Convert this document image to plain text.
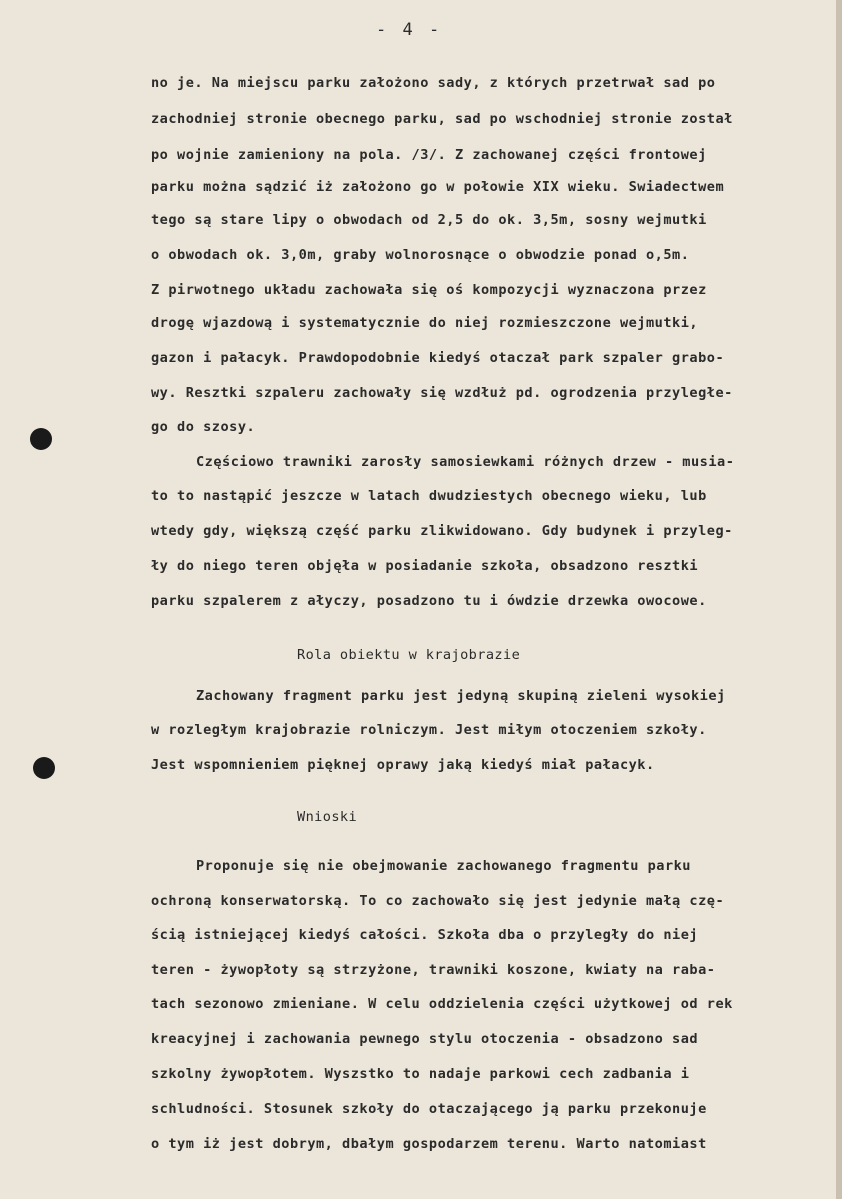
- 4 -
no je. Na miejscu parku założono sady, z których przetrwał sad po
zachodniej stronie obecnego parku, sad po wschodniej stronie został
po wojnie zamieniony na pola. /3/. Z zachowanej części frontowej
parku można sądzić iż założono go w połowie XIX wieku. Swiadectwem
tego są stare lipy o obwodach od 2,5 do ok. 3,5m, sosny wejmutki
o obwodach ok. 3,0m, graby wolnorosnące o obwodzie ponad o,5m.
Z pirwotnego układu zachowała się oś kompozycji wyznaczona przez
drogę wjazdową i systematycznie do niej rozmieszczone wejmutki,
gazon i pałacyk. Prawdopodobnie kiedyś otaczał park szpaler grabo-
wy. Resztki szpaleru zachowały się wzdłuż pd. ogrodzenia przyległe-
go do szosy.
Częściowo trawniki zarosły samosiewkami różnych drzew - musia-
to to nastąpić jeszcze w latach dwudziestych obecnego wieku, lub
wtedy gdy, większą część parku zlikwidowano. Gdy budynek i przyleg-
ły do niego teren objęła w posiadanie szkoła, obsadzono resztki
parku szpalerem z ałyczy, posadzono tu i ówdzie drzewka owocowe.
Rola obiektu w krajobrazie
Zachowany fragment parku jest jedyną skupiną zieleni wysokiej
w rozległym krajobrazie rolniczym. Jest miłym otoczeniem szkoły.
Jest wspomnieniem pięknej oprawy jaką kiedyś miał pałacyk.
Wnioski
Proponuje się nie obejmowanie zachowanego fragmentu parku
ochroną konserwatorską. To co zachowało się jest jedynie małą czę-
ścią istniejącej kiedyś całości. Szkoła dba o przyległy do niej
teren - żywopłoty są strzyżone, trawniki koszone, kwiaty na raba-
tach sezonowo zmieniane. W celu oddzielenia części użytkowej od rek
kreacyjnej i zachowania pewnego stylu otoczenia - obsadzono sad
szkolny żywopłotem. Wyszstko to nadaje parkowi cech zadbania i
schludności. Stosunek szkoły do otaczającego ją parku przekonuje
o tym iż jest dobrym, dbałym gospodarzem terenu. Warto natomiast
